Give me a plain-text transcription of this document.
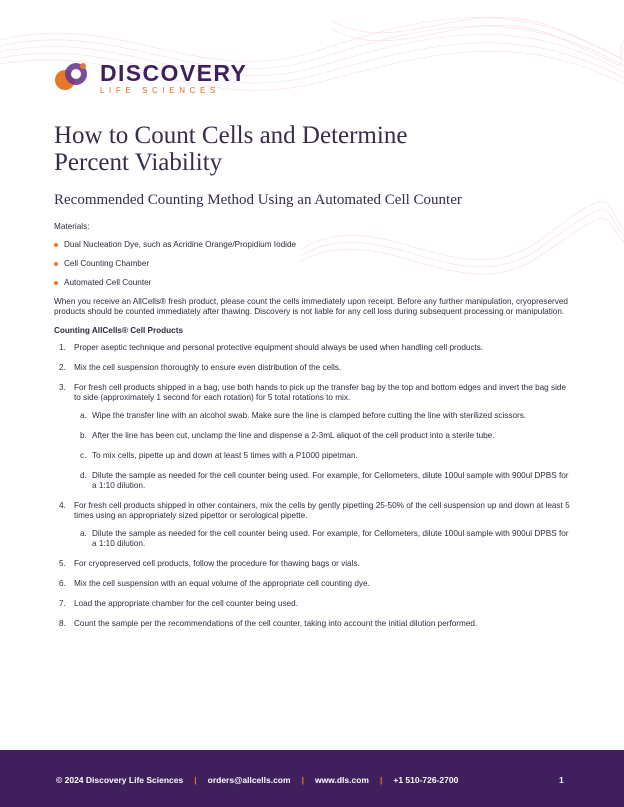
DISCOVERY
LIFE SCIENCES
How to Count Cells and Determine
Percent Viability
Recommended Counting Method Using an Automated Cell Counter

Materials:

Dual Nucleation Dye, such as Acridine Orange/Propidium Iodide
Cell Counting Chamber
Automated Cell Counter

When you receive an AllCells® fresh product, please count the cells immediately upon receipt. Before any further manipulation, cryopreserved products should be counted immediately after thawing. Discovery is not liable for any cell loss during subsequent processing or manipulation.

Counting AllCells® Cell Products

1. Proper aseptic technique and personal protective equipment should always be used when handling cell products.
2. Mix the cell suspension thoroughly to ensure even distribution of the cells.
3. For fresh cell products shipped in a bag, use both hands to pick up the transfer bag by the top and bottom edges and invert the bag side to side (approximately 1 second for each rotation) for 5 total rotations to mix.
a. Wipe the transfer line with an alcohol swab. Make sure the line is clamped before cutting the line with sterilized scissors.
b. After the line has been cut, unclamp the line and dispense a 2-3mL aliquot of the cell product into a sterile tube.
c. To mix cells, pipette up and down at least 5 times with a P1000 pipetman.
d. Dilute the sample as needed for the cell counter being used. For example, for Cellometers, dilute 100ul sample with 900ul DPBS for a 1:10 dilution.
4. For fresh cell products shipped in other containers, mix the cells by gently pipetting 25-50% of the cell suspension up and down at least 5 times using an appropriately sized pipettor or serological pipette.
a. Dilute the sample as needed for the cell counter being used. For example, for Cellometers, dilute 100ul sample with 900ul DPBS for a 1:10 dilution.
5. For cryopreserved cell products, follow the procedure for thawing bags or vials.
6. Mix the cell suspension with an equal volume of the appropriate cell counting dye.
7. Load the appropriate chamber for the cell counter being used.
8. Count the sample per the recommendations of the cell counter, taking into account the initial dilution performed.
© 2024 Discovery Life Sciences | orders@allcells.com | www.dls.com | +1 510-726-2700	1
